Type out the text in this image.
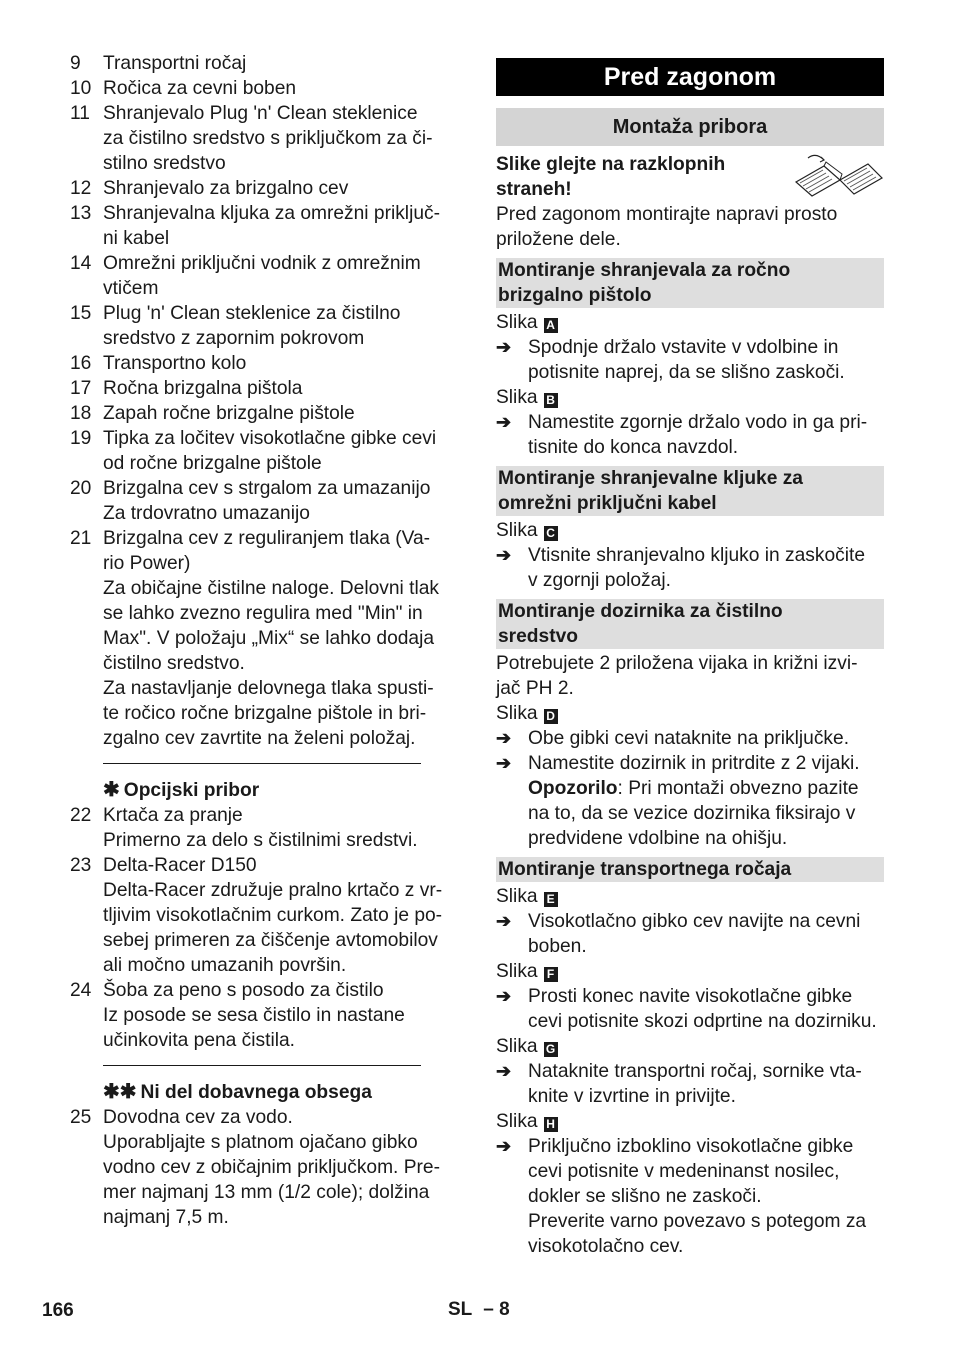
9	Transportni ročaj
10 Ročica za cevni boben
11 Shranjevalo Plug 'n' Clean steklenice
za čistilno sredstvo s priključkom za či-
stilno sredstvo
12 Shranjevalo za brizgalno cev
13 Shranjevalna kljuka za omrežni priključ-
ni kabel
14 Omrežni priključni vodnik z omrežnim
vtičem
15 Plug 'n' Clean steklenice za čistilno
sredstvo z zapornim pokrovom
16 Transportno kolo
17 Ročna brizgalna pištola
18 Zapah ročne brizgalne pištole
19 Tipka za ločitev visokotlačne gibke cevi
od ročne brizgalne pištole
20 Brizgalna cev s strgalom za umazanijo
Za trdovratno umazanijo
21 Brizgalna cev z reguliranjem tlaka (Va-
rio Power)
Za običajne čistilne naloge. Delovni tlak
se lahko zvezno regulira med "Min" in
Max". V položaju „Mix“ se lahko dodaja
čistilno sredstvo.
Za nastavljanje delovnega tlaka spusti-
te ročico ročne brizgalne pištole in bri-
zgalno cev zavrtite na želeni položaj.
✱ Opcijski pribor
22 Krtača za pranje
Primerno za delo s čistilnimi sredstvi.
23 Delta-Racer D150
Delta-Racer združuje pralno krtačo z vr-
tljivim visokotlačnim curkom. Zato je po-
sebej primeren za čiščenje avtomobilov
ali močno umazanih površin.
24 Šoba za peno s posodo za čistilo
Iz posode se sesa čistilo in nastane
učinkovita pena čistila.
✱✱ Ni del dobavnega obsega
25 Dovodna cev za vodo.
Uporabljajte s platnom ojačano gibko
vodno cev z običajnim priključkom. Pre-
mer najmanj 13 mm (1/2 cole); dolžina
najmanj 7,5 m.
Pred zagonom
Montaža pribora
Slike glejte na razklopnih
straneh!
Pred zagonom montirajte napravi prosto
priložene dele.
Montiranje shranjevala za ročno
brizgalno pištolo
Slika A
➔ Spodnje držalo vstavite v vdolbine in
potisnite naprej, da se slišno zaskoči.
Slika B
➔ Namestite zgornje držalo vodo in ga pri-
tisnite do konca navzdol.
Montiranje shranjevalne kljuke za
omrežni priključni kabel
Slika C
➔ Vtisnite shranjevalno kljuko in zaskočite
v zgornji položaj.
Montiranje dozirnika za čistilno
sredstvo
Potrebujete 2 priložena vijaka in križni izvi-
jač PH 2.
Slika D
➔ Obe gibki cevi nataknite na priključke.
➔ Namestite dozirnik in pritrdite z 2 vijaki.
Opozorilo: Pri montaži obvezno pazite
na to, da se vezice dozirnika fiksirajo v
predvidene vdolbine na ohišju.
Montiranje transportnega ročaja
Slika E
➔ Visokotlačno gibko cev navijte na cevni
boben.
Slika F
➔ Prosti konec navite visokotlačne gibke
cevi potisnite skozi odprtine na dozirniku.
Slika G
➔ Nataknite transportni ročaj, sornike vta-
knite v izvrtine in privijte.
Slika H
➔ Priključno izboklino visokotlačne gibke
cevi potisnite v medeninanst nosilec,
dokler se slišno ne zaskoči.
Preverite varno povezavo s potegom za
visokotolačno cev.
166	SL – 8
